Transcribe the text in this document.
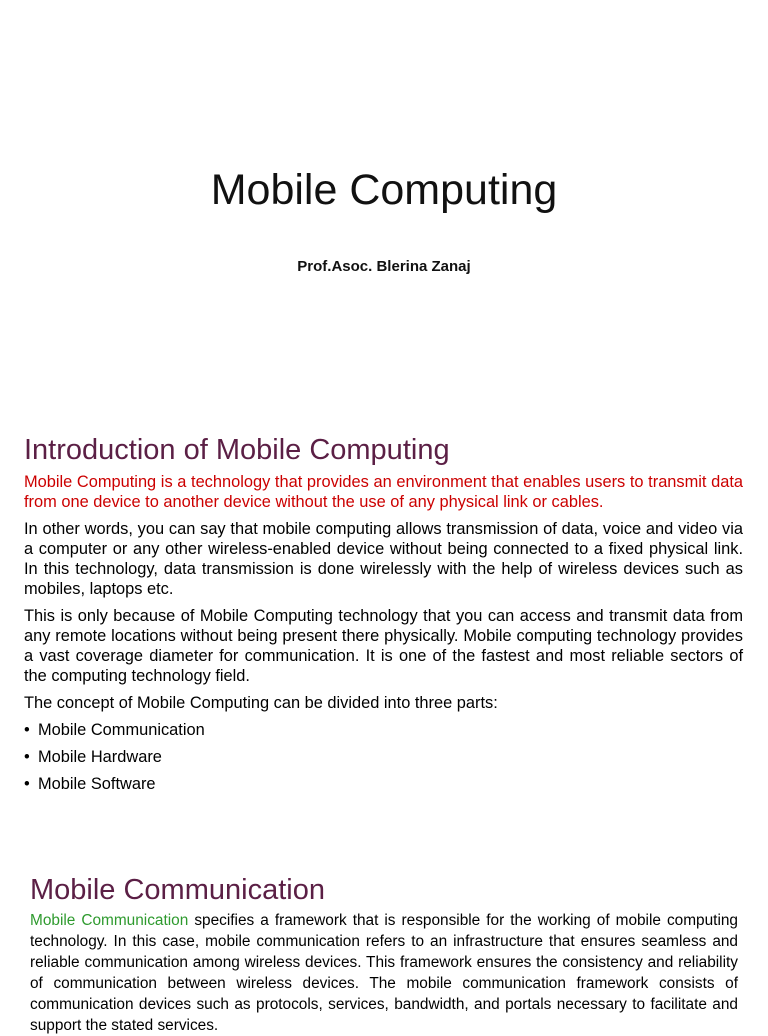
Mobile Computing
Prof.Asoc. Blerina Zanaj
Introduction of Mobile Computing

Mobile Computing is a technology that provides an environment that enables users to transmit data from one device to another device without the use of any physical link or cables.

In other words, you can say that mobile computing allows transmission of data, voice and video via a computer or any other wireless-enabled device without being connected to a fixed physical link. In this technology, data transmission is done wirelessly with the help of wireless devices such as mobiles, laptops etc.

This is only because of Mobile Computing technology that you can access and transmit data from any remote locations without being present there physically. Mobile computing technology provides a vast coverage diameter for communication. It is one of the fastest and most reliable sectors of the computing technology field.

The concept of Mobile Computing can be divided into three parts:

• Mobile Communication
• Mobile Hardware
• Mobile Software
Mobile Communication
Mobile Communication specifies a framework that is responsible for the working of mobile computing technology. In this case, mobile communication refers to an infrastructure that ensures seamless and reliable communication among wireless devices. This framework ensures the consistency and reliability of communication between wireless devices. The mobile communication framework consists of communication devices such as protocols, services, bandwidth, and portals necessary to facilitate and support the stated services.
